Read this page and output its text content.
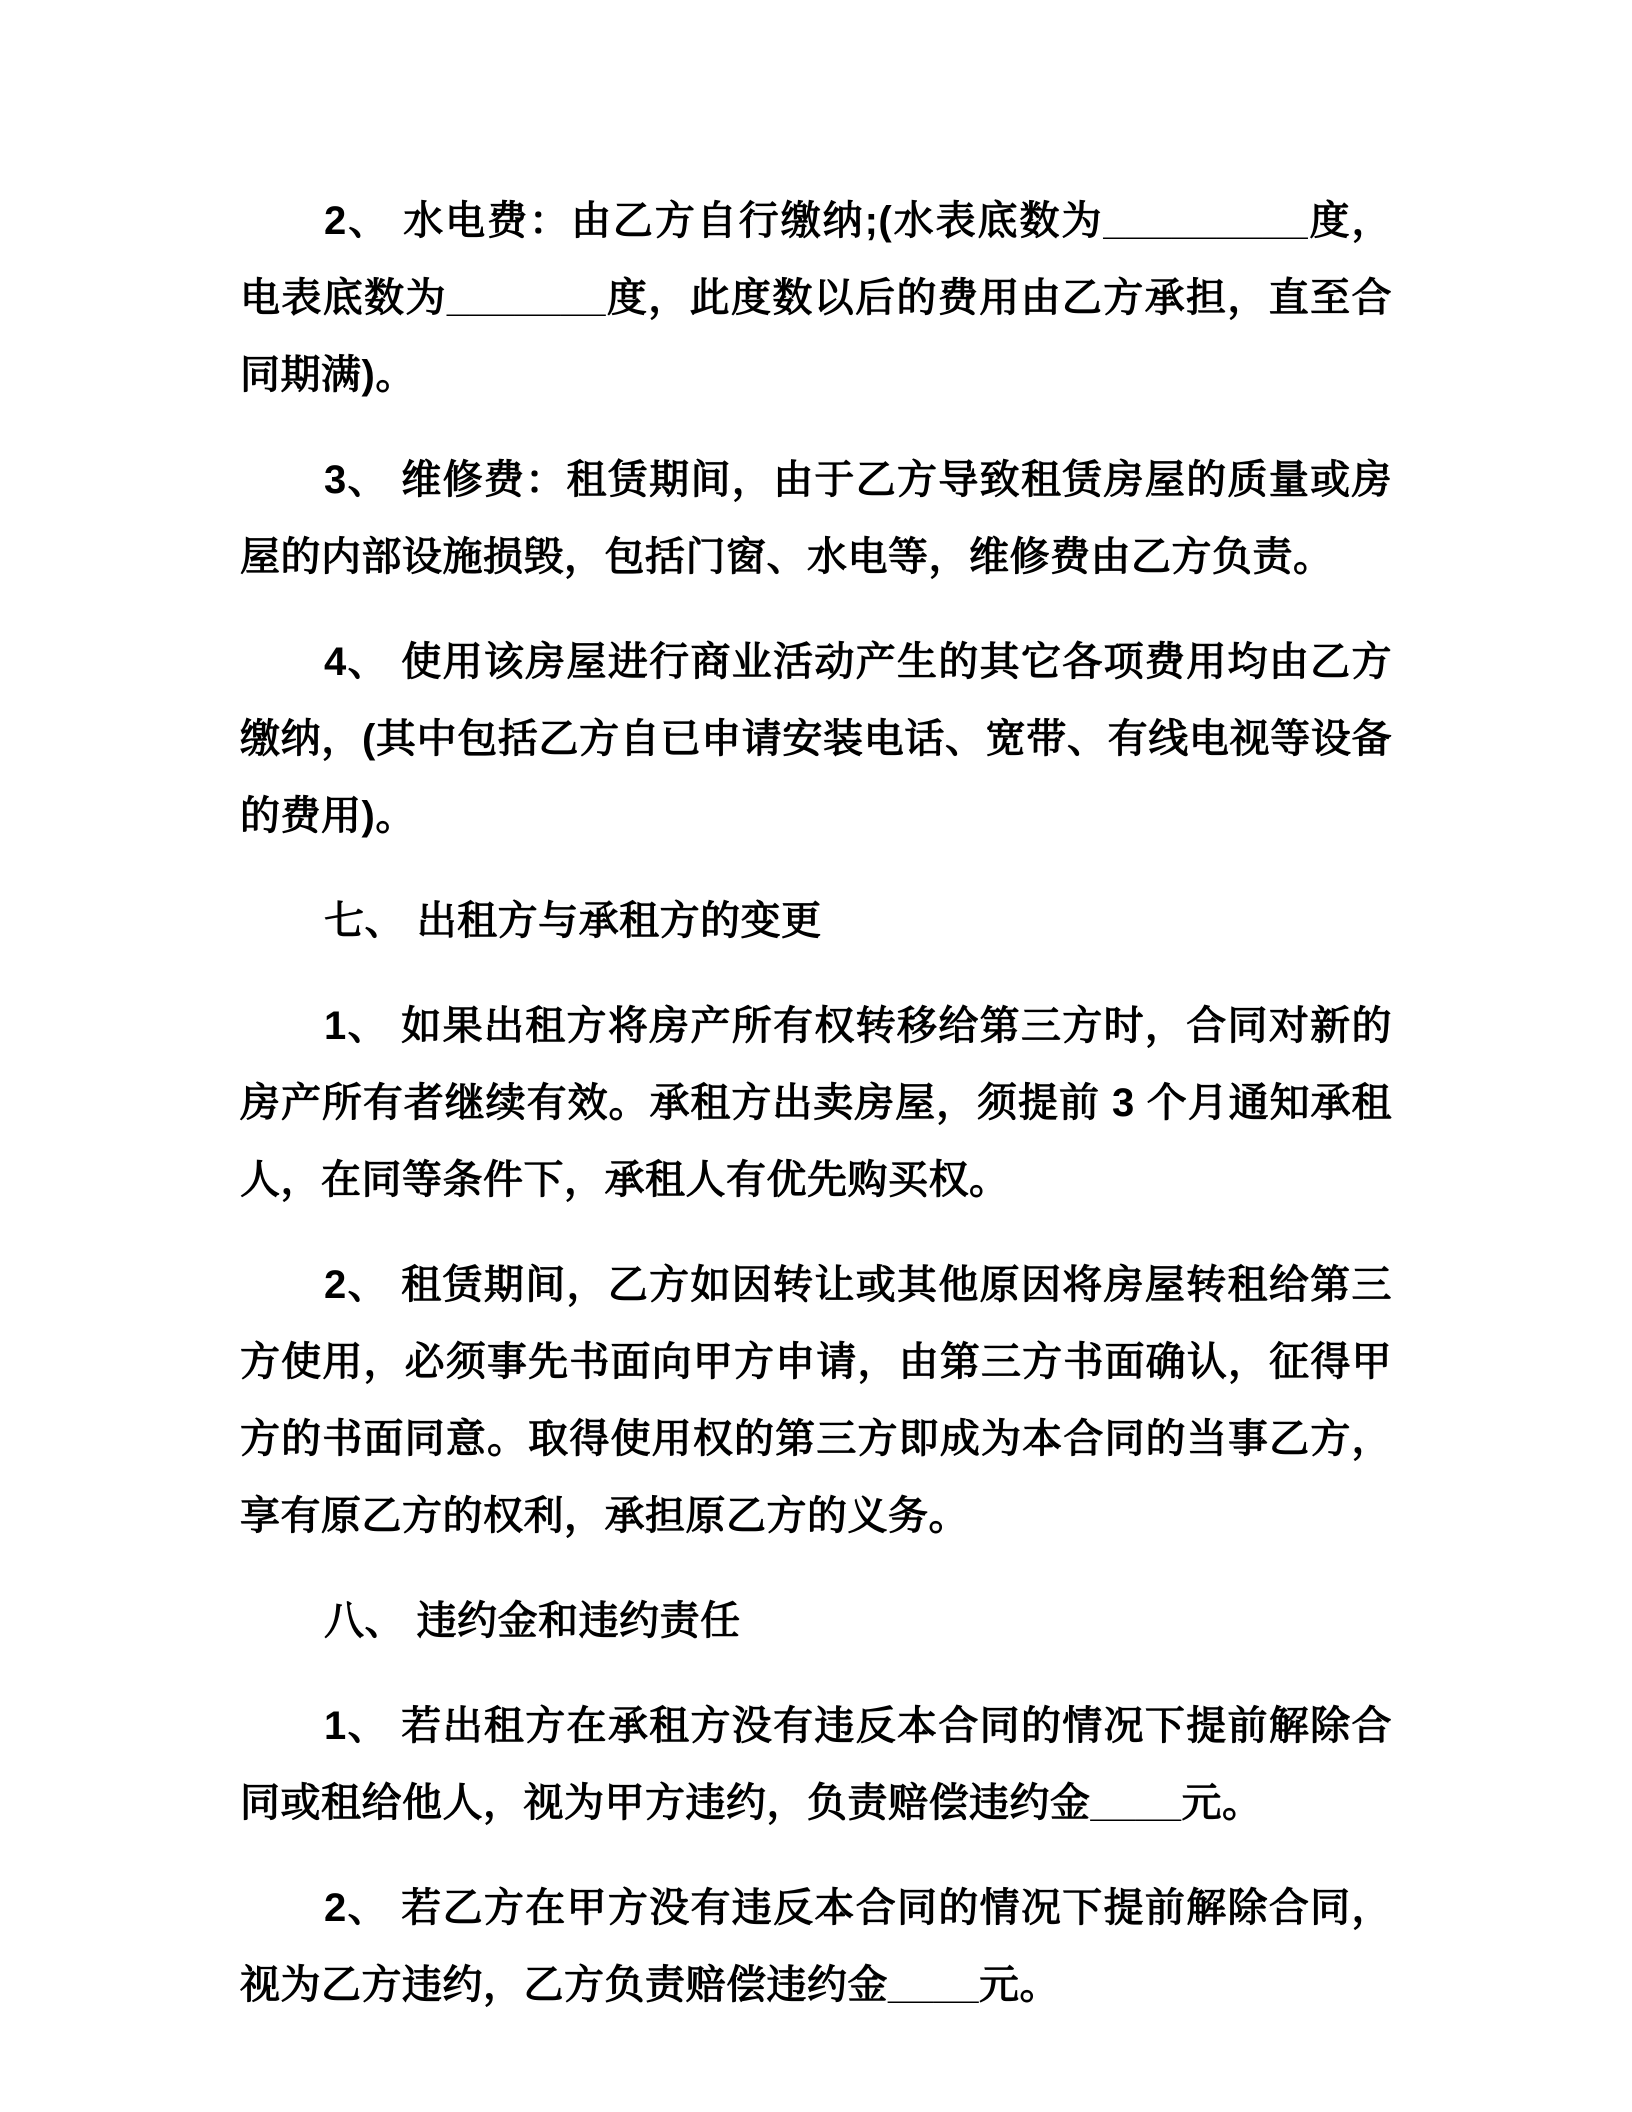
2、 水电费：由乙方自行缴纳;(水表底数为_________度，电表底数为_______度，此度数以后的费用由乙方承担，直至合同期满)。

3、 维修费：租赁期间，由于乙方导致租赁房屋的质量或房屋的内部设施损毁，包括门窗、水电等，维修费由乙方负责。

4、 使用该房屋进行商业活动产生的其它各项费用均由乙方缴纳，(其中包括乙方自已申请安装电话、宽带、有线电视等设备的费用)。

七、 出租方与承租方的变更

1、 如果出租方将房产所有权转移给第三方时，合同对新的房产所有者继续有效。承租方出卖房屋，须提前 3 个月通知承租人，在同等条件下，承租人有优先购买权。

2、 租赁期间，乙方如因转让或其他原因将房屋转租给第三方使用，必须事先书面向甲方申请，由第三方书面确认，征得甲方的书面同意。取得使用权的第三方即成为本合同的当事乙方，享有原乙方的权利，承担原乙方的义务。

八、 违约金和违约责任

1、 若出租方在承租方没有违反本合同的情况下提前解除合同或租给他人，视为甲方违约，负责赔偿违约金____元。

2、 若乙方在甲方没有违反本合同的情况下提前解除合同，视为乙方违约，乙方负责赔偿违约金____元。
